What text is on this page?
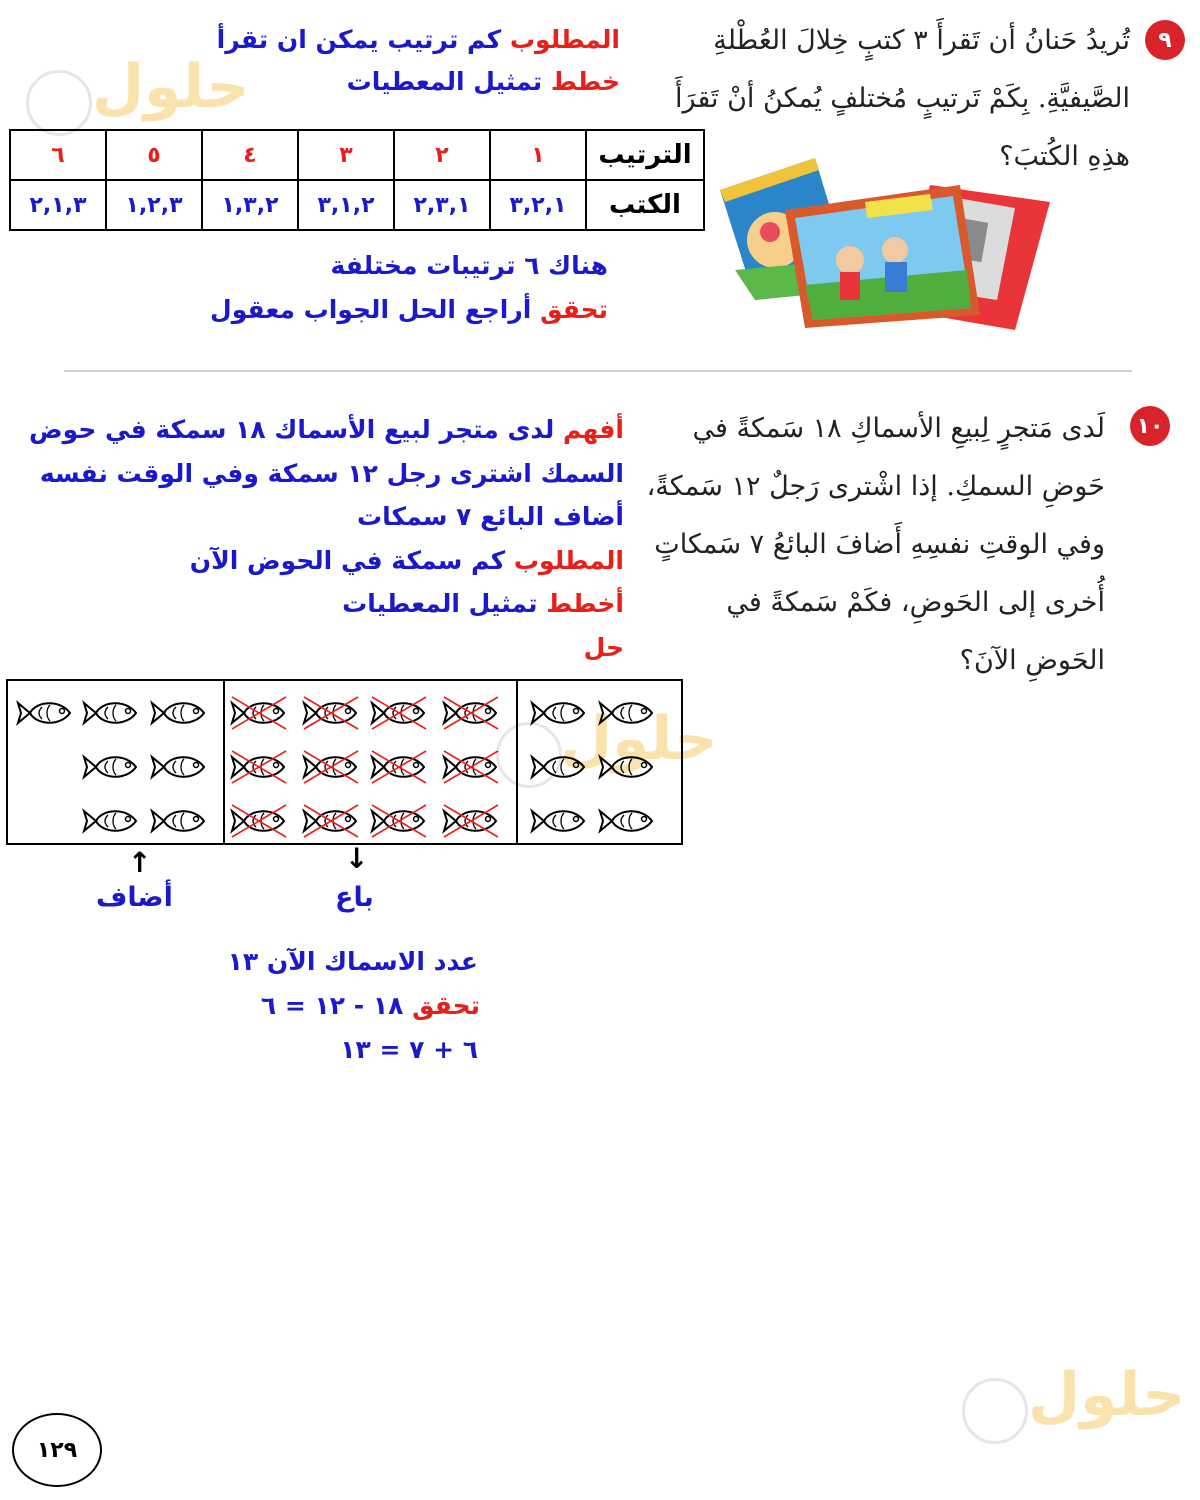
حلول
حلول
حلول
٩
تُريدُ حَنانُ أن تَقرأَ ٣ كتبٍ خِلالَ العُطْلةِ الصَّيفيَّةِ. بِكَمْ تَرتيبٍ مُختلفٍ يُمكنُ أنْ تَقرَأَ هذِهِ الكُتبَ؟
المطلوب كم ترتيب يمكن ان تقرأ
خطط تمثيل المعطيات
الترتيب	١	٢	٣	٤	٥	٦
الكتب	٣,٢,١	٢,٣,١	٣,١,٢	١,٣,٢	١,٢,٣	٢,١,٣
هناك ٦ ترتيبات مختلفة
تحقق أراجع الحل الجواب معقول
١٠
لَدى مَتجرٍ لِبيعِ الأسماكِ ١٨ سَمكةً في حَوضِ السمكِ. إذا اشْترى رَجلٌ ١٢ سَمكةً، وفي الوقتِ نفسِهِ أَضافَ البائعُ ٧ سَمكاتٍ أُخرى إلى الحَوضِ، فكَمْ سَمكةً في الحَوضِ الآنَ؟
أفهم لدى متجر لبيع الأسماك ١٨ سمكة في حوض
السمك اشترى رجل ١٢ سمكة وفي الوقت نفسه
أضاف البائع ٧ سمكات
المطلوب كم سمكة في الحوض الآن
أخطط تمثيل المعطيات
حل
↑	↓
أضاف	باع
عدد الاسماك الآن ١٣
تحقق ١٨ - ١٢ = ٦
٦ + ٧ = ١٣
١٢٩
